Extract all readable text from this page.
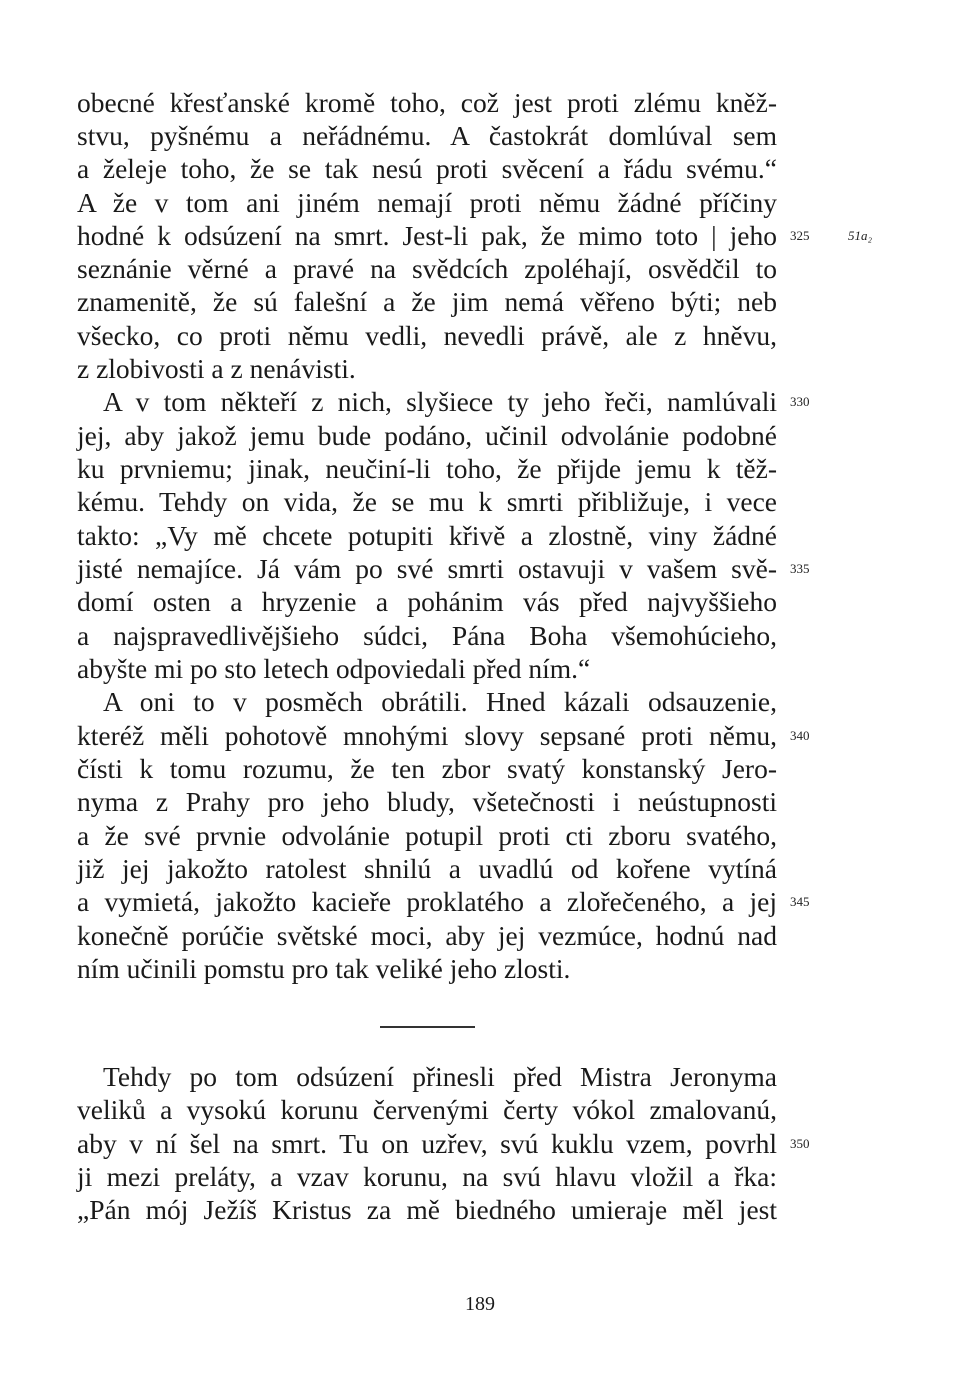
obecné křesťanské kromě toho, což jest proti zlému kněž-
stvu, pyšnému a neřádnému. A častokrát domlúval sem
a želeje toho, že se tak nesú proti svěcení a řádu svému.“
A že v tom ani jiném nemají proti němu žádné příčiny
hodné k odsúzení na smrt. Jest-li pak, že mimo toto | jeho 325	51a₂
seznánie věrné a pravé na svědcích zpoléhají, osvědčil to
znamenitě, že sú falešní a že jim nemá věřeno býti; neb
všecko, co proti němu vedli, nevedli právě, ale z hněvu,
z zlobivosti a z nenávisti.
A v tom někteří z nich, slyšiece ty jeho řeči, namlúvali 330
jej, aby jakož jemu bude podáno, učinil odvolánie podobné
ku prvniemu; jinak, neučiní-li toho, že přijde jemu k těž-
kému. Tehdy on vida, že se mu k smrti přibližuje, i vece
takto: „Vy mě chcete potupiti křivě a zlostně, viny žádné
jisté nemajíce. Já vám po své smrti ostavuji v vašem svě- 335
domí osten a hryzenie a pohánim vás před najvyššieho
a najspravedlivějšieho súdci, Pána Boha všemohúcieho,
abyšte mi po sto letech odpoviedali před ním.“
A oni to v posměch obrátili. Hned kázali odsauzenie,
kteréž měli pohotově mnohými slovy sepsané proti němu, 340
čísti k tomu rozumu, že ten zbor svatý konstanský Jero-
nyma z Prahy pro jeho bludy, všetečnosti i neústupnosti
a že své prvnie odvolánie potupil proti cti zboru svatého,
již jej jakožto ratolest shnilú a uvadlú od kořene vytíná
a vymietá, jakožto kacieře proklatého a zlořečeného, a jej 345
konečně porúčie světské moci, aby jej vezmúce, hodnú nad
ním učinili pomstu pro tak veliké jeho zlosti.
Tehdy po tom odsúzení přinesli před Mistra Jeronyma
veliků a vysokú korunu červenými čerty vókol zmalovanú,
aby v ní šel na smrt. Tu on uzřev, svú kuklu vzem, povrhl 350
ji mezi preláty, a vzav korunu, na svú hlavu vložil a řka:
„Pán mój Ježíš Kristus za mě biedného umieraje měl jest
189
